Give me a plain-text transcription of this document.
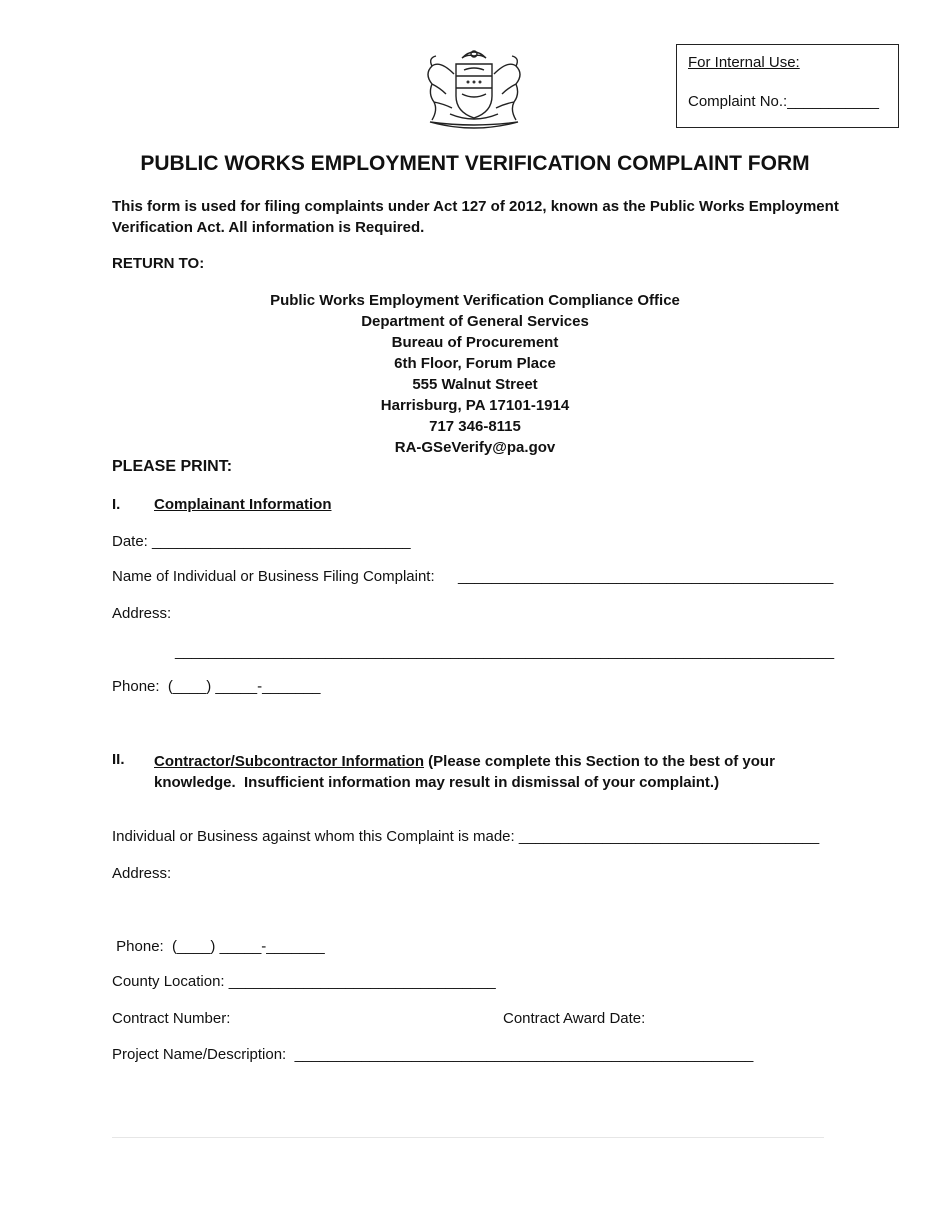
For Internal Use:
Complaint No.:___________
PUBLIC WORKS EMPLOYMENT VERIFICATION COMPLAINT FORM
This form is used for filing complaints under Act 127 of 2012, known as the Public Works Employment Verification Act. All information is Required.
RETURN TO:
Public Works Employment Verification Compliance Office
Department of General Services
Bureau of Procurement
6th Floor, Forum Place
555 Walnut Street
Harrisburg, PA 17101-1914
717 346-8115
RA-GSeVerify@pa.gov
PLEASE PRINT:
I. Complainant Information
Date: _______________________________
Name of Individual or Business Filing Complaint: _____________________________________________
Address:
_______________________________________________________________________________
Phone:  (____) _____-_______
II. Contractor/Subcontractor Information (Please complete this Section to the best of your
knowledge.  Insufficient information may result in dismissal of your complaint.)
Individual or Business against whom this Complaint is made: ____________________________________
Address:
Phone:  (____) _____-_______
County Location: ________________________________
Contract Number:	Contract Award Date:
Project Name/Description:  _______________________________________________________
